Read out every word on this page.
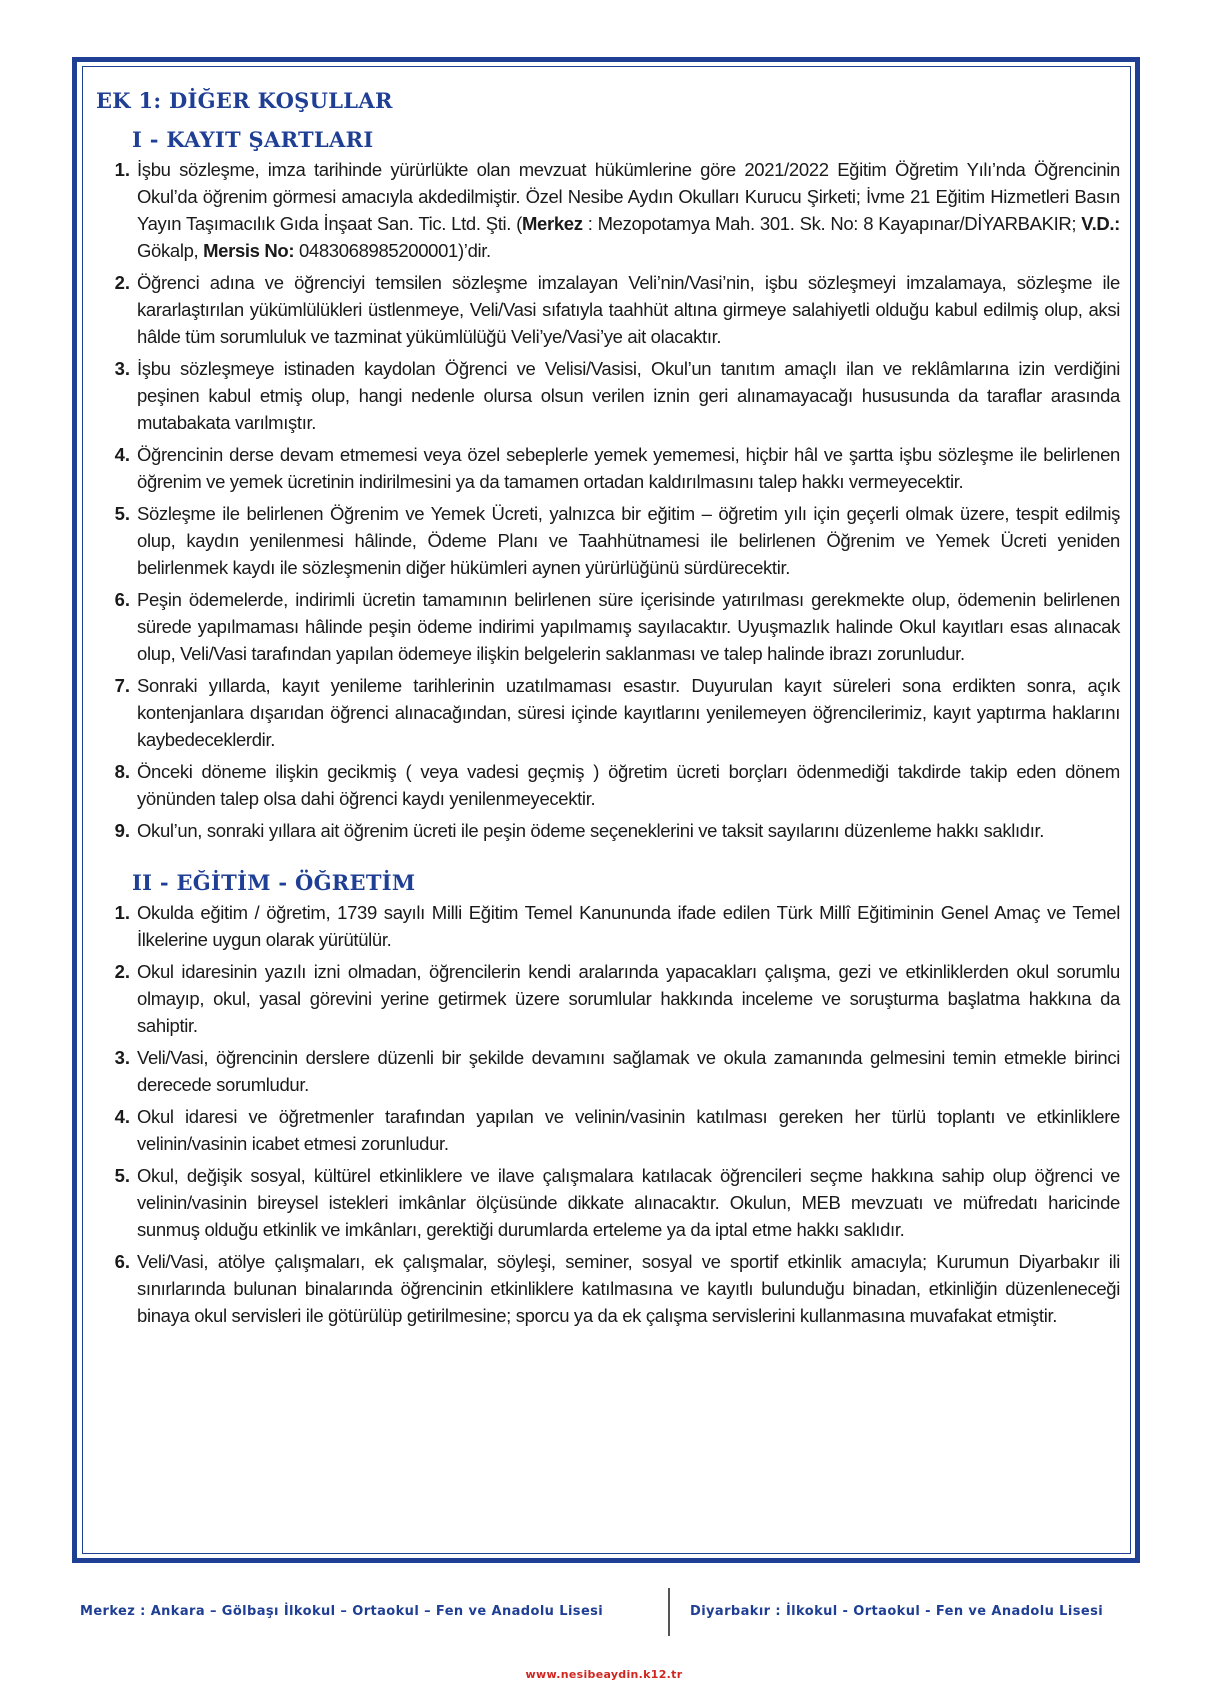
EK 1: DİĞER KOŞULLAR
I - KAYIT ŞARTLARI
1. İşbu sözleşme, imza tarihinde yürürlükte olan mevzuat hükümlerine göre 2021/2022 Eğitim Öğretim Yılı’nda Öğrencinin Okul’da öğrenim görmesi amacıyla akdedilmiştir. Özel Nesibe Aydın Okulları Kurucu Şirketi; İvme 21 Eğitim Hizmetleri Basın Yayın Taşımacılık Gıda İnşaat San. Tic. Ltd. Şti. (Merkez : Mezopotamya Mah. 301. Sk. No: 8 Kayapınar/DİYARBAKIR; V.D.: Gökalp, Mersis No: 0483068985200001)’dir.
2. Öğrenci adına ve öğrenciyi temsilen sözleşme imzalayan Veli’nin/Vasi’nin, işbu sözleşmeyi imzalamaya, sözleşme ile kararlaştırılan yükümlülükleri üstlenmeye, Veli/Vasi sıfatıyla taahhüt altına girmeye salahiyetli olduğu kabul edilmiş olup, aksi hâlde tüm sorumluluk ve tazminat yükümlülüğü Veli’ye/Vasi’ye ait olacaktır.
3. İşbu sözleşmeye istinaden kaydolan Öğrenci ve Velisi/Vasisi, Okul’un tanıtım amaçlı ilan ve reklâmlarına izin verdiğini peşinen kabul etmiş olup, hangi nedenle olursa olsun verilen iznin geri alınamayacağı hususunda da taraflar arasında mutabakata varılmıştır.
4. Öğrencinin derse devam etmemesi veya özel sebeplerle yemek yememesi, hiçbir hâl ve şartta işbu sözleşme ile belirlenen öğrenim ve yemek ücretinin indirilmesini ya da tamamen ortadan kaldırılmasını talep hakkı vermeyecektir.
5. Sözleşme ile belirlenen Öğrenim ve Yemek Ücreti, yalnızca bir eğitim – öğretim yılı için geçerli olmak üzere, tespit edilmiş olup, kaydın yenilenmesi hâlinde, Ödeme Planı ve Taahhütnamesi ile belirlenen Öğrenim ve Yemek Ücreti yeniden belirlenmek kaydı ile sözleşmenin diğer hükümleri aynen yürürlüğünü sürdürecektir.
6. Peşin ödemelerde, indirimli ücretin tamamının belirlenen süre içerisinde yatırılması gerekmekte olup, ödemenin belirlenen sürede yapılmaması hâlinde peşin ödeme indirimi yapılmamış sayılacaktır. Uyuşmazlık halinde Okul kayıtları esas alınacak olup, Veli/Vasi tarafından yapılan ödemeye ilişkin belgelerin saklanması ve talep halinde ibrazı zorunludur.
7. Sonraki yıllarda, kayıt yenileme tarihlerinin uzatılmaması esastır. Duyurulan kayıt süreleri sona erdikten sonra, açık kontenjanlara dışarıdan öğrenci alınacağından, süresi içinde kayıtlarını yenilemeyen öğrencilerimiz, kayıt yaptırma haklarını kaybedeceklerdir.
8. Önceki döneme ilişkin gecikmiş ( veya vadesi geçmiş ) öğretim ücreti borçları ödenmediği takdirde takip eden dönem yönünden talep olsa dahi öğrenci kaydı yenilenmeyecektir.
9. Okul’un, sonraki yıllara ait öğrenim ücreti ile peşin ödeme seçeneklerini ve taksit sayılarını düzenleme hakkı saklıdır.
II - EĞİTİM - ÖĞRETİM
1. Okulda eğitim / öğretim, 1739 sayılı Milli Eğitim Temel Kanununda ifade edilen Türk Millî Eğitiminin Genel Amaç ve Temel İlkelerine uygun olarak yürütülür.
2. Okul idaresinin yazılı izni olmadan, öğrencilerin kendi aralarında yapacakları çalışma, gezi ve etkinliklerden okul sorumlu olmayıp, okul, yasal görevini yerine getirmek üzere sorumlular hakkında inceleme ve soruşturma başlatma hakkına da sahiptir.
3. Veli/Vasi, öğrencinin derslere düzenli bir şekilde devamını sağlamak ve okula zamanında gelmesini temin etmekle birinci derecede sorumludur.
4. Okul idaresi ve öğretmenler tarafından yapılan ve velinin/vasinin katılması gereken her türlü toplantı ve etkinliklere velinin/vasinin icabet etmesi zorunludur.
5. Okul, değişik sosyal, kültürel etkinliklere ve ilave çalışmalara katılacak öğrencileri seçme hakkına sahip olup öğrenci ve velinin/vasinin bireysel istekleri imkânlar ölçüsünde dikkate alınacaktır. Okulun, MEB mevzuatı ve müfredatı haricinde sunmuş olduğu etkinlik ve imkânları, gerektiği durumlarda erteleme ya da iptal etme hakkı saklıdır.
6. Veli/Vasi, atölye çalışmaları, ek çalışmalar, söyleşi, seminer, sosyal ve sportif etkinlik amacıyla; Kurumun Diyarbakır ili sınırlarında bulunan binalarında öğrencinin etkinliklere katılmasına ve kayıtlı bulunduğu binadan, etkinliğin düzenleneceği binaya okul servisleri ile götürülüp getirilmesine; sporcu ya da ek çalışma servislerini kullanmasına muvafakat etmiştir.
Merkez : Ankara – Gölbaşı İlkokul – Ortaokul – Fen ve Anadolu Lisesi	Diyarbakır : İlkokul - Ortaokul - Fen ve Anadolu Lisesi
www.nesibeaydin.k12.tr
